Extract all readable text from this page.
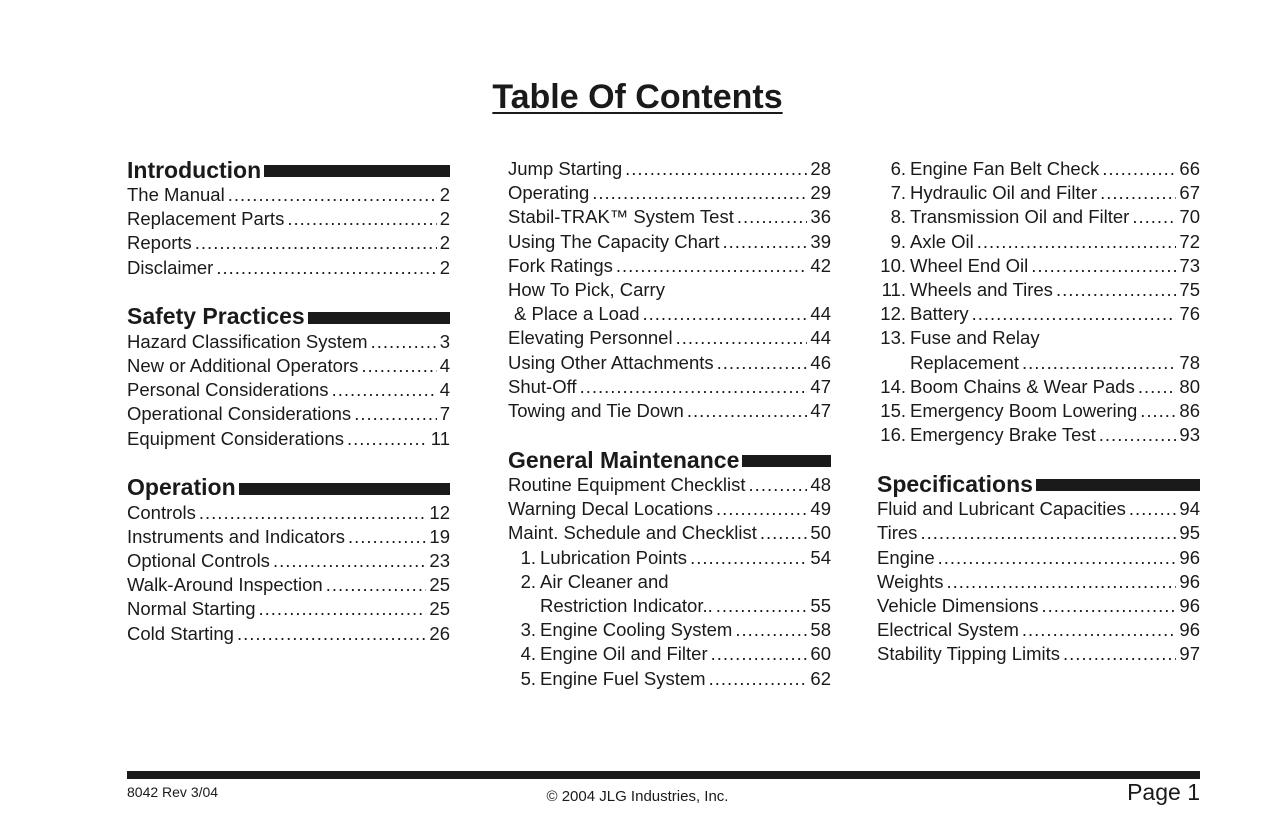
Table Of Contents
Introduction
The Manual .....	2
Replacement Parts .....	2
Reports .....	2
Disclaimer .....	2
Safety Practices
Hazard Classification System .....	3
New or Additional Operators .....	4
Personal Considerations .....	4
Operational Considerations .....	7
Equipment Considerations .....	11
Operation
Controls .....	12
Instruments and Indicators .....	19
Optional Controls .....	23
Walk-Around Inspection .....	25
Normal Starting .....	25
Cold Starting .....	26
Jump Starting .....	28
Operating .....	29
Stabil-TRAK™ System Test .....	36
Using The Capacity Chart .....	39
Fork Ratings .....	42
How To Pick, Carry
& Place a Load .....	44
Elevating Personnel .....	44
Using Other Attachments .....	46
Shut-Off .....	47
Towing and Tie Down .....	47
General Maintenance
Routine Equipment Checklist .....	48
Warning Decal Locations .....	49
Maint. Schedule and Checklist .....	50
1. Lubrication Points .....	54
2. Air Cleaner and
Restriction Indicator.. .....	55
3. Engine Cooling System .....	58
4. Engine Oil and Filter .....	60
5. Engine Fuel System .....	62
6. Engine Fan Belt Check .....	66
7. Hydraulic Oil and Filter .....	67
8. Transmission Oil and Filter .....	70
9. Axle Oil .....	72
10. Wheel End Oil .....	73
11. Wheels and Tires .....	75
12. Battery .....	76
13. Fuse and Relay
Replacement .....	78
14. Boom Chains & Wear Pads ..... 80
15. Emergency Boom Lowering ..... 86
16. Emergency Brake Test .....	93
Specifications
Fluid and Lubricant Capacities .....	94
Tires .....	95
Engine .....	96
Weights .....	96
Vehicle Dimensions .....	96
Electrical System .....	96
Stability Tipping Limits .....	97
8042 Rev 3/04	© 2004 JLG Industries, Inc.	Page 1
